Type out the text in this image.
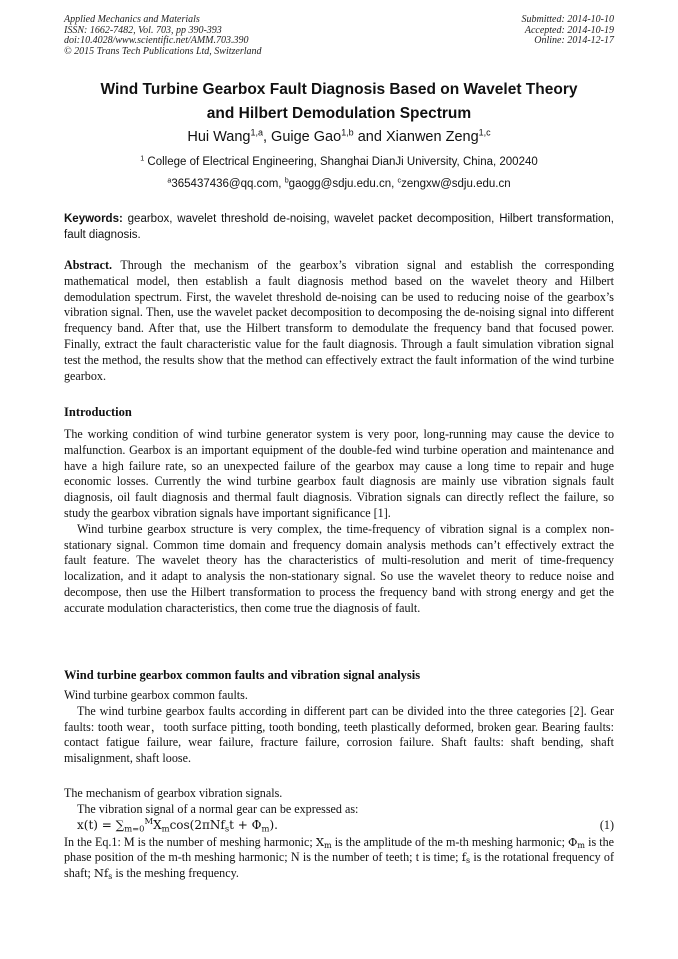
Applied Mechanics and Materials
ISSN: 1662-7482, Vol. 703, pp 390-393
doi:10.4028/www.scientific.net/AMM.703.390
© 2015 Trans Tech Publications Ltd, Switzerland
Submitted: 2014-10-10
Accepted: 2014-10-19
Online: 2014-12-17
Wind Turbine Gearbox Fault Diagnosis Based on Wavelet Theory
and Hilbert Demodulation Spectrum
Hui Wang$^{1,a}$, Guige Gao$^{1,b}$ and Xianwen Zeng$^{1,c}$
$^1$ College of Electrical Engineering, Shanghai DianJi University, China, 200240
$^a$365437436@qq.com, $^b$gaogg@sdju.edu.cn, $^c$zengxw@sdju.edu.cn
Keywords: gearbox, wavelet threshold de-noising, wavelet packet decomposition, Hilbert transformation, fault diagnosis.

Abstract. Through the mechanism of the gearbox’s vibration signal and establish the corresponding mathematical model, then establish a fault diagnosis method based on the wavelet theory and Hilbert demodulation spectrum. First, the wavelet threshold de-noising can be used to reducing noise of the gearbox’s vibration signal. Then, use the wavelet packet decomposition to decomposing the de-noising signal into different frequency band. After that, use the Hilbert transform to demodulate the frequency band that focused power. Finally, extract the fault characteristic value for the fault diagnosis. Through a fault simulation vibration signal test the method, the results show that the method can effectively extract the fault information of the wind turbine gearbox.

Introduction

The working condition of wind turbine generator system is very poor, long-running may cause the device to malfunction. Gearbox is an important equipment of the double-fed wind turbine operation and maintenance and have a high failure rate, so an unexpected failure of the gearbox may cause a long time to repair and huge economic losses. Currently the wind turbine gearbox fault diagnosis are mainly use vibration signals fault diagnosis, oil fault diagnosis and thermal fault diagnosis. Vibration signals can directly reflect the failure, so study the gearbox vibration signals have important significance [1].

Wind turbine gearbox structure is very complex, the time-frequency of vibration signal is a complex non-stationary signal. Common time domain and frequency domain analysis methods can’t effectively extract the fault feature. The wavelet theory has the characteristics of multi-resolution and merit of time-frequency localization, and it adapt to analysis the non-stationary signal. So use the wavelet theory to reduce noise and decompose, then use the Hilbert transformation to process the frequency band with strong energy and get the accurate modulation characteristics, then come true the diagnosis of fault.

Wind turbine gearbox common faults and vibration signal analysis

Wind turbine gearbox common faults.

The wind turbine gearbox faults according in different part can be divided into the three categories [2]. Gear faults: tooth wear，tooth surface pitting, tooth bonding, teeth plastically deformed, broken gear. Bearing faults: contact fatigue failure, wear failure, fracture failure, corrosion failure. Shaft faults: shaft bending, shaft misalignment, shaft loose.

The mechanism of gearbox vibration signals.

The vibration signal of a normal gear can be expressed as:

$x(t) = \sum_{m=0}^MX_m\cos(2\pi Nf_st + \Phi_m)$.	(1)

In the Eq.1: M is the number of meshing harmonic; $X_m$ is the amplitude of the m-th meshing harmonic; $\Phi_m$ is the phase position of the m-th meshing harmonic; N is the number of teeth; t is time; $f_s$ is the rotational frequency of shaft; $Nf_s$ is the meshing frequency.
